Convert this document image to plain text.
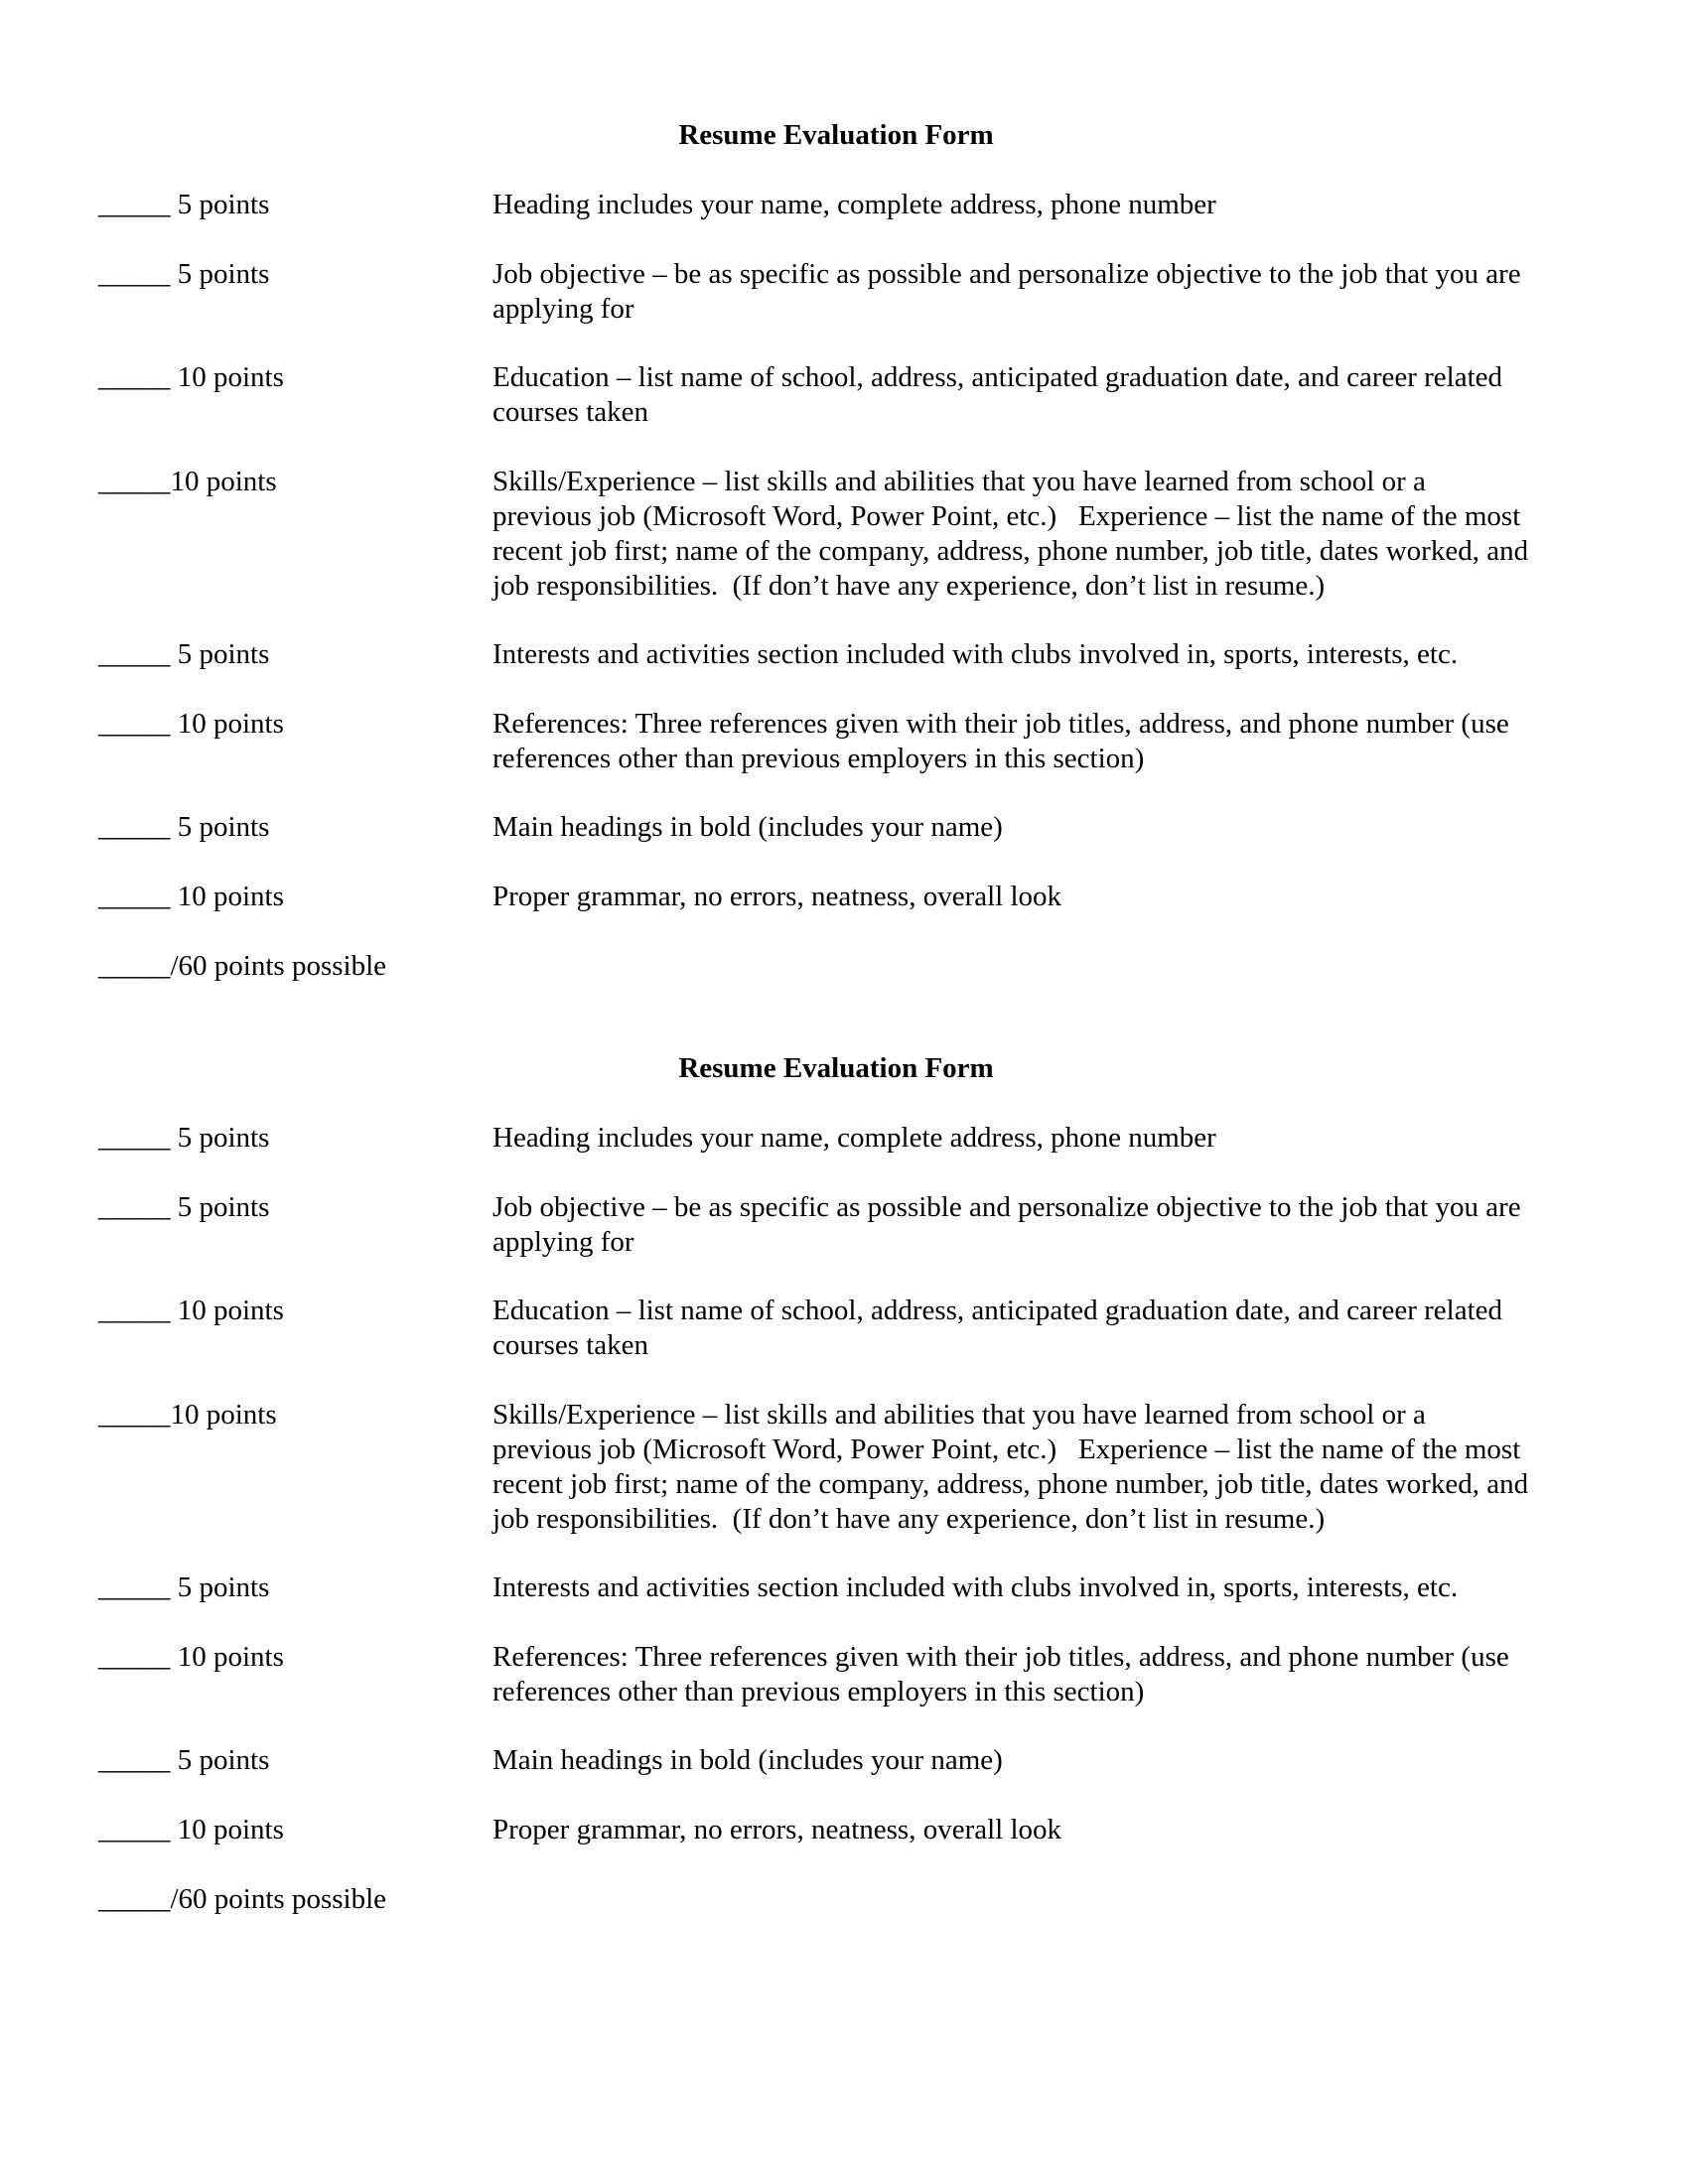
Resume Evaluation Form
_____ 5 points	Heading includes your name, complete address, phone number
_____ 5 points	Job objective – be as specific as possible and personalize objective to the job that you are
applying for
_____ 10 points	Education – list name of school, address, anticipated graduation date, and career related
courses taken
_____10 points	Skills/Experience – list skills and abilities that you have learned from school or a
previous job (Microsoft Word, Power Point, etc.)   Experience – list the name of the most
recent job first; name of the company, address, phone number, job title, dates worked, and
job responsibilities.  (If don’t have any experience, don’t list in resume.)
_____ 5 points	Interests and activities section included with clubs involved in, sports, interests, etc.
_____ 10 points	References: Three references given with their job titles, address, and phone number (use
references other than previous employers in this section)
_____ 5 points	Main headings in bold (includes your name)
_____ 10 points	Proper grammar, no errors, neatness, overall look
_____/60 points possible
Resume Evaluation Form
_____ 5 points	Heading includes your name, complete address, phone number
_____ 5 points	Job objective – be as specific as possible and personalize objective to the job that you are
applying for
_____ 10 points	Education – list name of school, address, anticipated graduation date, and career related
courses taken
_____10 points	Skills/Experience – list skills and abilities that you have learned from school or a
previous job (Microsoft Word, Power Point, etc.)   Experience – list the name of the most
recent job first; name of the company, address, phone number, job title, dates worked, and
job responsibilities.  (If don’t have any experience, don’t list in resume.)
_____ 5 points	Interests and activities section included with clubs involved in, sports, interests, etc.
_____ 10 points	References: Three references given with their job titles, address, and phone number (use
references other than previous employers in this section)
_____ 5 points	Main headings in bold (includes your name)
_____ 10 points	Proper grammar, no errors, neatness, overall look
_____/60 points possible
